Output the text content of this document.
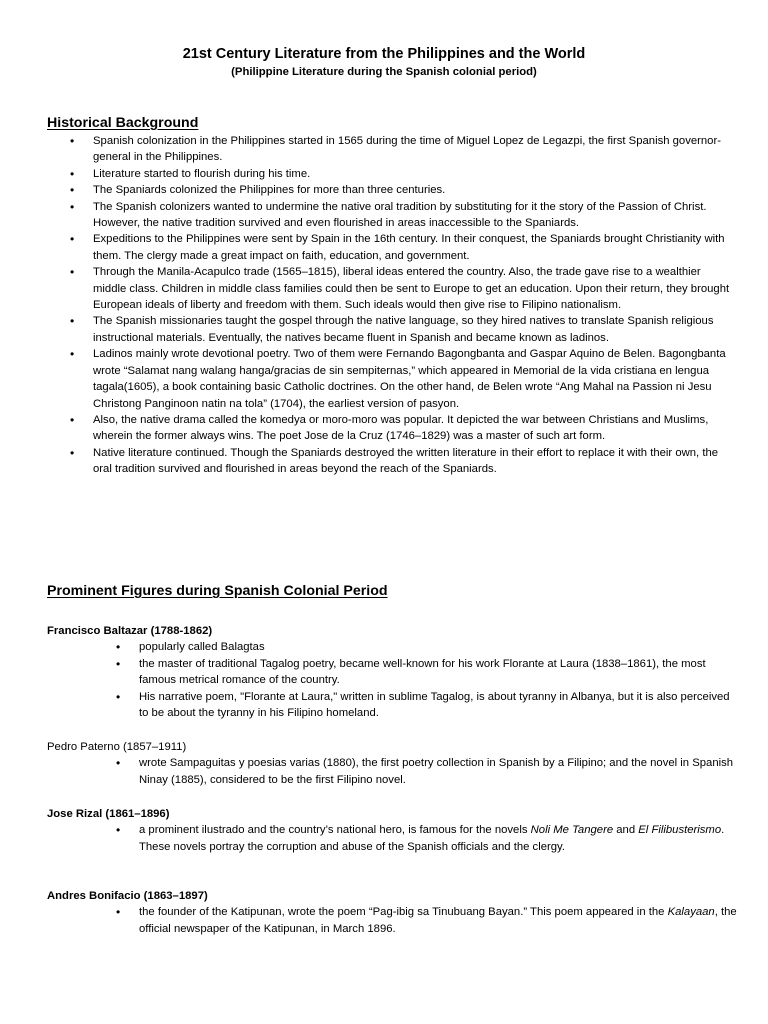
21st Century Literature from the Philippines and the World
(Philippine Literature during the Spanish colonial period)
Historical Background
• Spanish colonization in the Philippines started in 1565 during the time of Miguel Lopez de Legazpi, the first Spanish governor-general in the Philippines.
• Literature started to flourish during his time.
• The Spaniards colonized the Philippines for more than three centuries.
• The Spanish colonizers wanted to undermine the native oral tradition by substituting for it the story of the Passion of Christ. However, the native tradition survived and even flourished in areas inaccessible to the Spaniards.
• Expeditions to the Philippines were sent by Spain in the 16th century. In their conquest, the Spaniards brought Christianity with them. The clergy made a great impact on faith, education, and government.
• Through the Manila-Acapulco trade (1565–1815), liberal ideas entered the country. Also, the trade gave rise to a wealthier middle class. Children in middle class families could then be sent to Europe to get an education. Upon their return, they brought European ideals of liberty and freedom with them. Such ideals would then give rise to Filipino nationalism.
• The Spanish missionaries taught the gospel through the native language, so they hired natives to translate Spanish religious instructional materials. Eventually, the natives became fluent in Spanish and became known as ladinos.
• Ladinos mainly wrote devotional poetry. Two of them were Fernando Bagongbanta and Gaspar Aquino de Belen. Bagongbanta wrote “Salamat nang walang hanga/gracias de sin sempiternas,” which appeared in Memorial de la vida cristiana en lengua tagala(1605), a book containing basic Catholic doctrines. On the other hand, de Belen wrote “Ang Mahal na Passion ni Jesu Christong Panginoon natin na tola” (1704), the earliest version of pasyon.
• Also, the native drama called the komedya or moro-moro was popular. It depicted the war between Christians and Muslims, wherein the former always wins. The poet Jose de la Cruz (1746–1829) was a master of such art form.
• Native literature continued. Though the Spaniards destroyed the written literature in their effort to replace it with their own, the oral tradition survived and flourished in areas beyond the reach of the Spaniards.
Prominent Figures during Spanish Colonial Period
Francisco Baltazar (1788-1862)
• popularly called Balagtas
• the master of traditional Tagalog poetry, became well-known for his work Florante at Laura (1838–1861), the most famous metrical romance of the country.
• His narrative poem, "Florante at Laura," written in sublime Tagalog, is about tyranny in Albanya, but it is also perceived to be about the tyranny in his Filipino homeland.
Pedro Paterno (1857–1911)
• wrote Sampaguitas y poesias varias (1880), the first poetry collection in Spanish by a Filipino; and the novel in Spanish Ninay (1885), considered to be the first Filipino novel.
Jose Rizal (1861–1896)
• a prominent ilustrado and the country’s national hero, is famous for the novels Noli Me Tangere and El Filibusterismo. These novels portray the corruption and abuse of the Spanish officials and the clergy.
Andres Bonifacio (1863–1897)
• the founder of the Katipunan, wrote the poem “Pag-ibig sa Tinubuang Bayan.” This poem appeared in the Kalayaan, the official newspaper of the Katipunan, in March 1896.
